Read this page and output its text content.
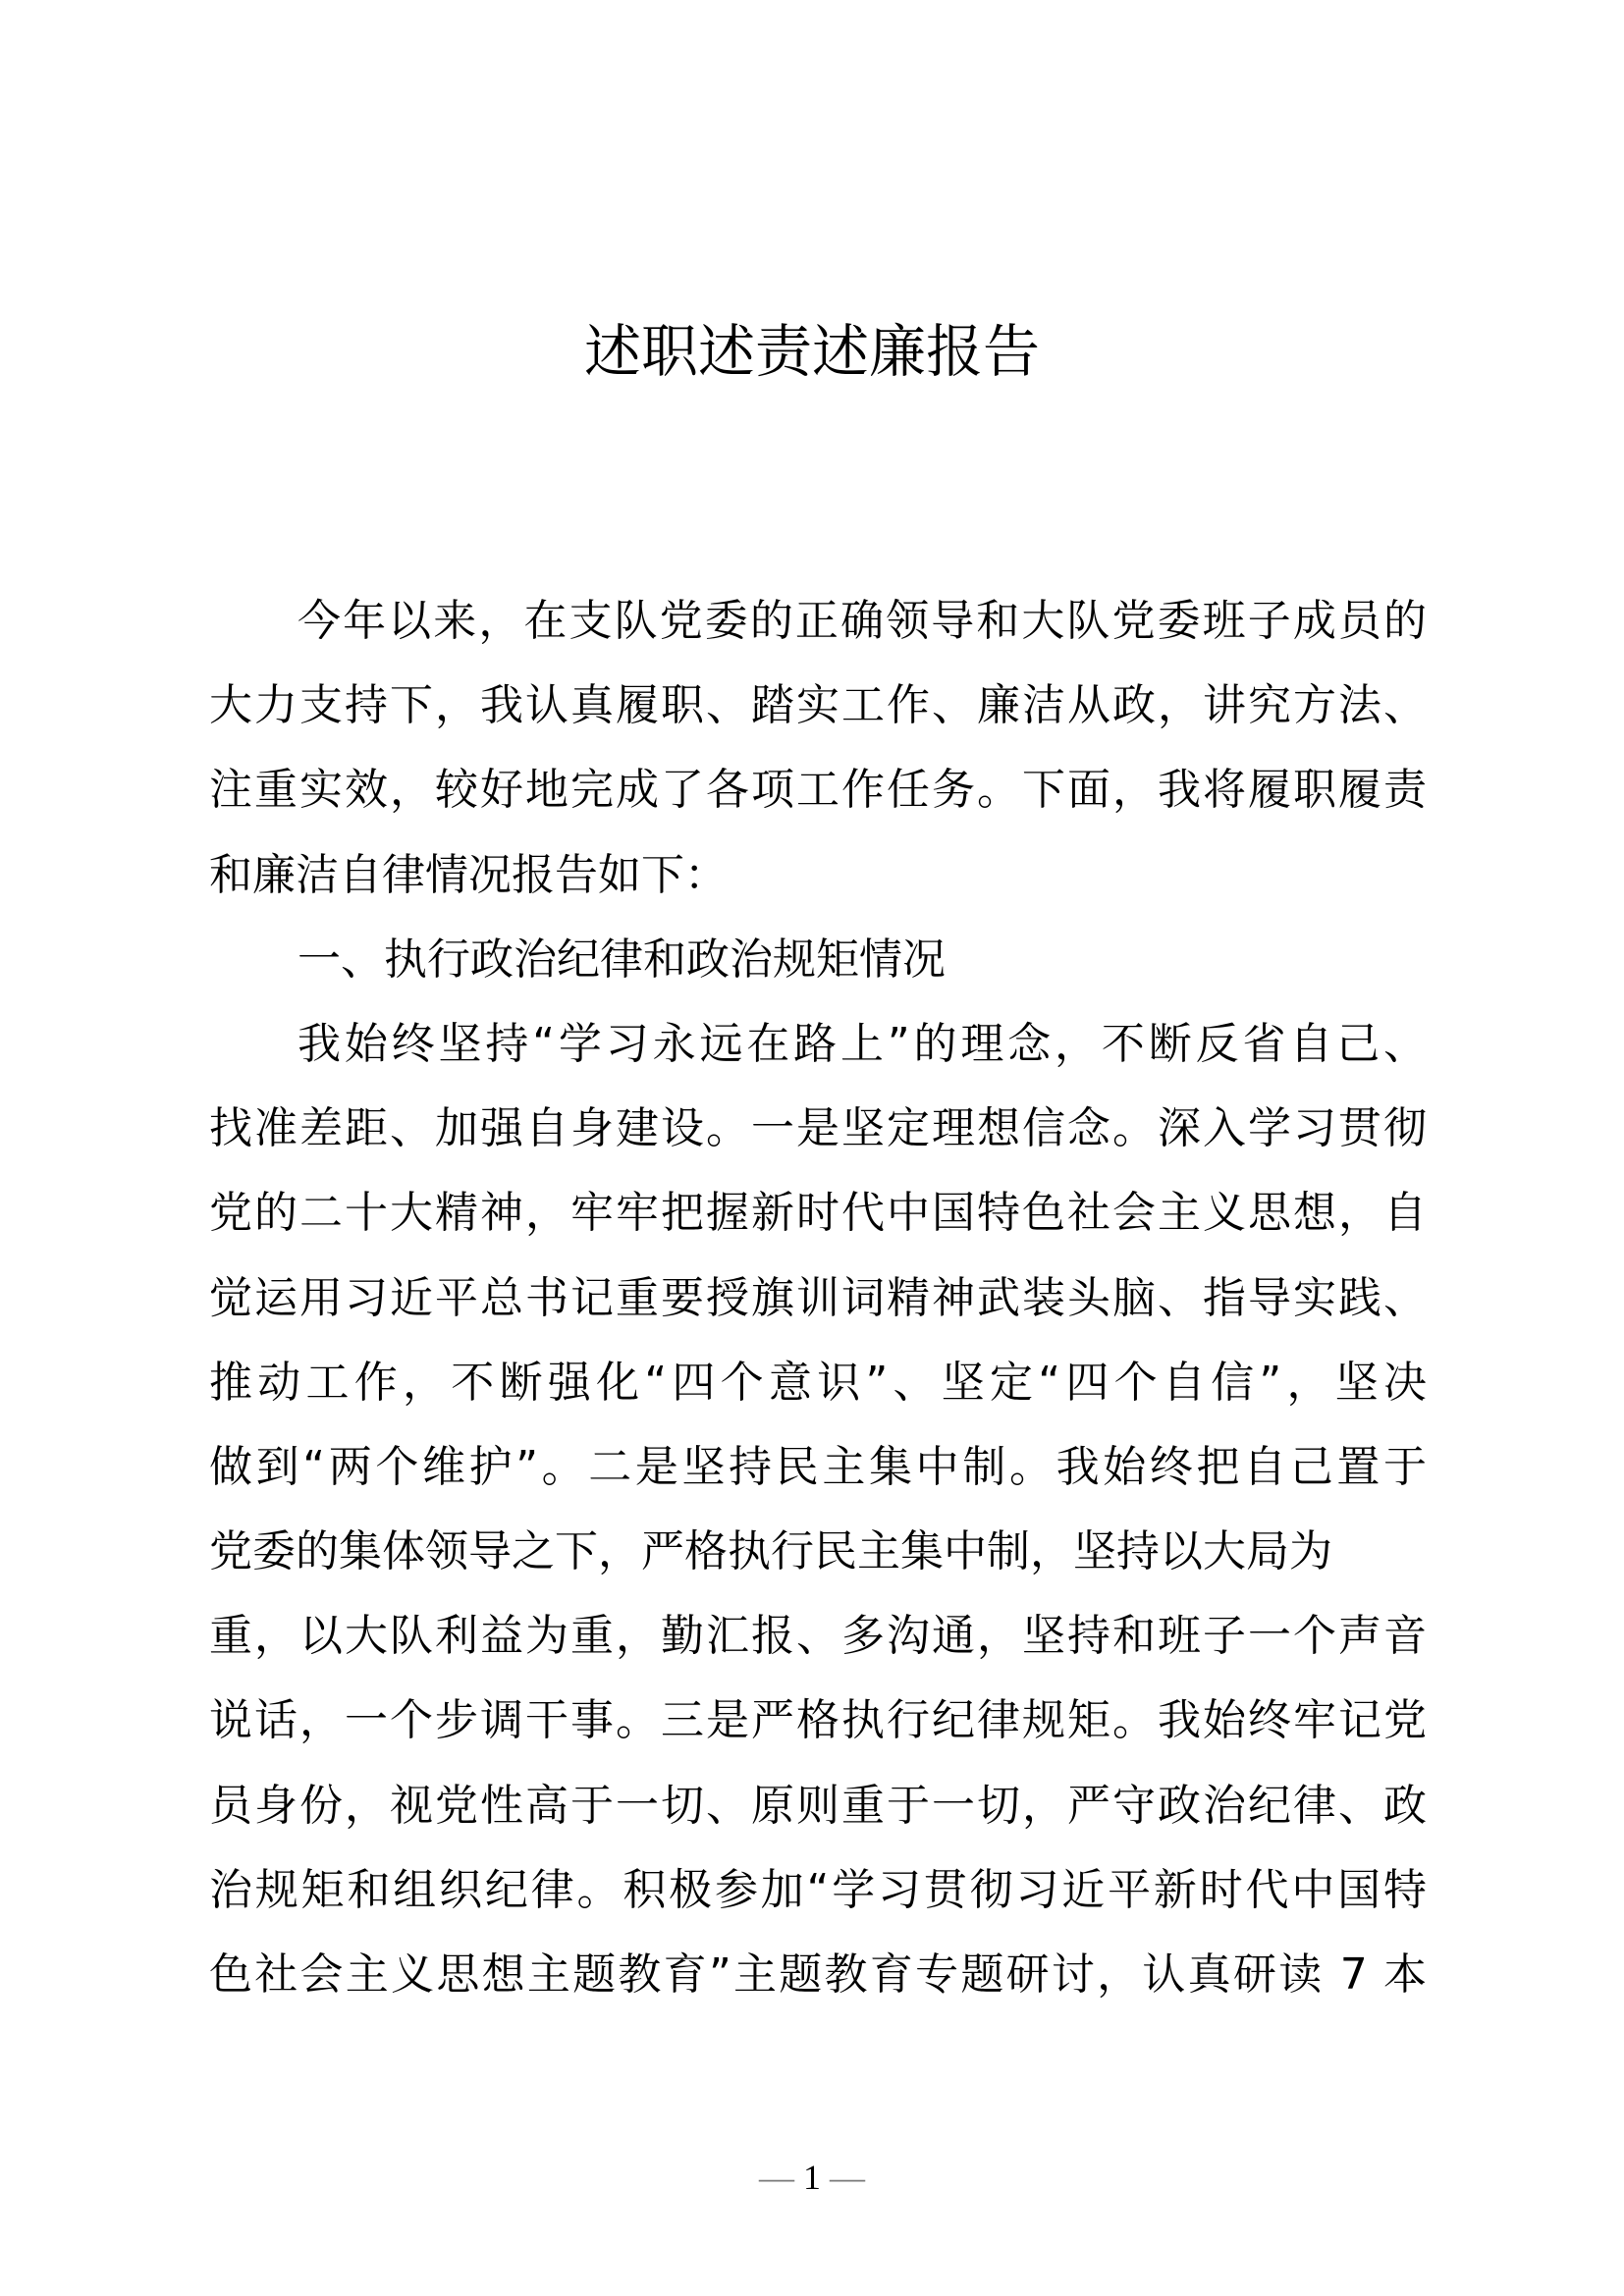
述职述责述廉报告
今年以来，在支队党委的正确领导和大队党委班子成员的
大力支持下，我认真履职、踏实工作、廉洁从政，讲究方法、
注重实效，较好地完成了各项工作任务。下面，我将履职履责
和廉洁自律情况报告如下：
一、执行政治纪律和政治规矩情况
我始终坚持“学习永远在路上”的理念，不断反省自己、
找准差距、加强自身建设。一是坚定理想信念。深入学习贯彻
党的二十大精神，牢牢把握新时代中国特色社会主义思想，自
觉运用习近平总书记重要授旗训词精神武装头脑、指导实践、
推动工作，不断强化“四个意识”、坚定“四个自信”，坚决
做到“两个维护”。二是坚持民主集中制。我始终把自己置于
党委的集体领导之下，严格执行民主集中制，坚持以大局为
重，以大队利益为重，勤汇报、多沟通，坚持和班子一个声音
说话，一个步调干事。三是严格执行纪律规矩。我始终牢记党
员身份，视党性高于一切、原则重于一切，严守政治纪律、政
治规矩和组织纪律。积极参加“学习贯彻习近平新时代中国特
色社会主义思想主题教育”主题教育专题研讨，认真研读 7 本
— 1 —
